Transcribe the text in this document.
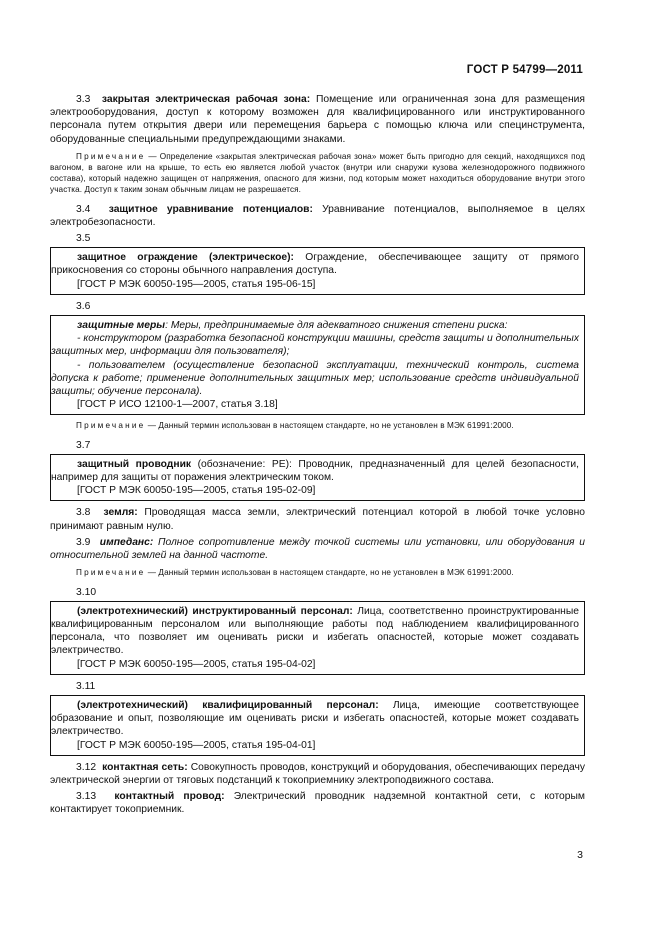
ГОСТ Р 54799—2011

3.3 закрытая электрическая рабочая зона: Помещение или ограниченная зона для размещения электрооборудования, доступ к которому возможен для квалифицированного или инструктированного персонала путем открытия двери или перемещения барьера с помощью ключа или специнструмента, оборудованные специальными предупреждающими знаками.

Примечание — Определение «закрытая электрическая рабочая зона» может быть пригодно для секций, находящихся под вагоном, в вагоне или на крыше, то есть ею является любой участок (внутри или снаружи кузова железнодорожного подвижного состава), который надежно защищен от напряжения, опасного для жизни, под которым может находиться оборудование внутри этого участка. Доступ к таким зонам обычным лицам не разрешается.

3.4 защитное уравнивание потенциалов: Уравнивание потенциалов, выполняемое в целях электробезопасности.

3.5

защитное ограждение (электрическое): Ограждение, обеспечивающее защиту от прямого прикосновения со стороны обычного направления доступа.

[ГОСТ Р МЭК 60050-195—2005, статья 195-06-15]

3.6

защитные меры: Меры, предпринимаемые для адекватного снижения степени риска:

- конструктором (разработка безопасной конструкции машины, средств защиты и дополнительных защитных мер, информации для пользователя);

- пользователем (осуществление безопасной эксплуатации, технический контроль, система допуска к работе; применение дополнительных защитных мер; использование средств индивидуальной защиты; обучение персонала).

[ГОСТ Р ИСО 12100-1—2007, статья 3.18]

Примечание — Данный термин использован в настоящем стандарте, но не установлен в МЭК 61991:2000.

3.7

защитный проводник (обозначение: РЕ): Проводник, предназначенный для целей безопасности, например для защиты от поражения электрическим током.

[ГОСТ Р МЭК 60050-195—2005, статья 195-02-09]

3.8 земля: Проводящая масса земли, электрический потенциал которой в любой точке условно принимают равным нулю.

3.9 импеданс: Полное сопротивление между точкой системы или установки, или оборудования и относительной землей на данной частоте.

Примечание — Данный термин использован в настоящем стандарте, но не установлен в МЭК 61991:2000.

3.10

(электротехнический) инструктированный персонал: Лица, соответственно проинструктированные квалифицированным персоналом или выполняющие работы под наблюдением квалифицированного персонала, что позволяет им оценивать риски и избегать опасностей, которые может создавать электричество.

[ГОСТ Р МЭК 60050-195—2005, статья 195-04-02]

3.11

(электротехнический) квалифицированный персонал: Лица, имеющие соответствующее образование и опыт, позволяющие им оценивать риски и избегать опасностей, которые может создавать электричество.

[ГОСТ Р МЭК 60050-195—2005, статья 195-04-01]

3.12 контактная сеть: Совокупность проводов, конструкций и оборудования, обеспечивающих передачу электрической энергии от тяговых подстанций к токоприемнику электроподвижного состава.

3.13 контактный провод: Электрический проводник надземной контактной сети, с которым контактирует токоприемник.

3
